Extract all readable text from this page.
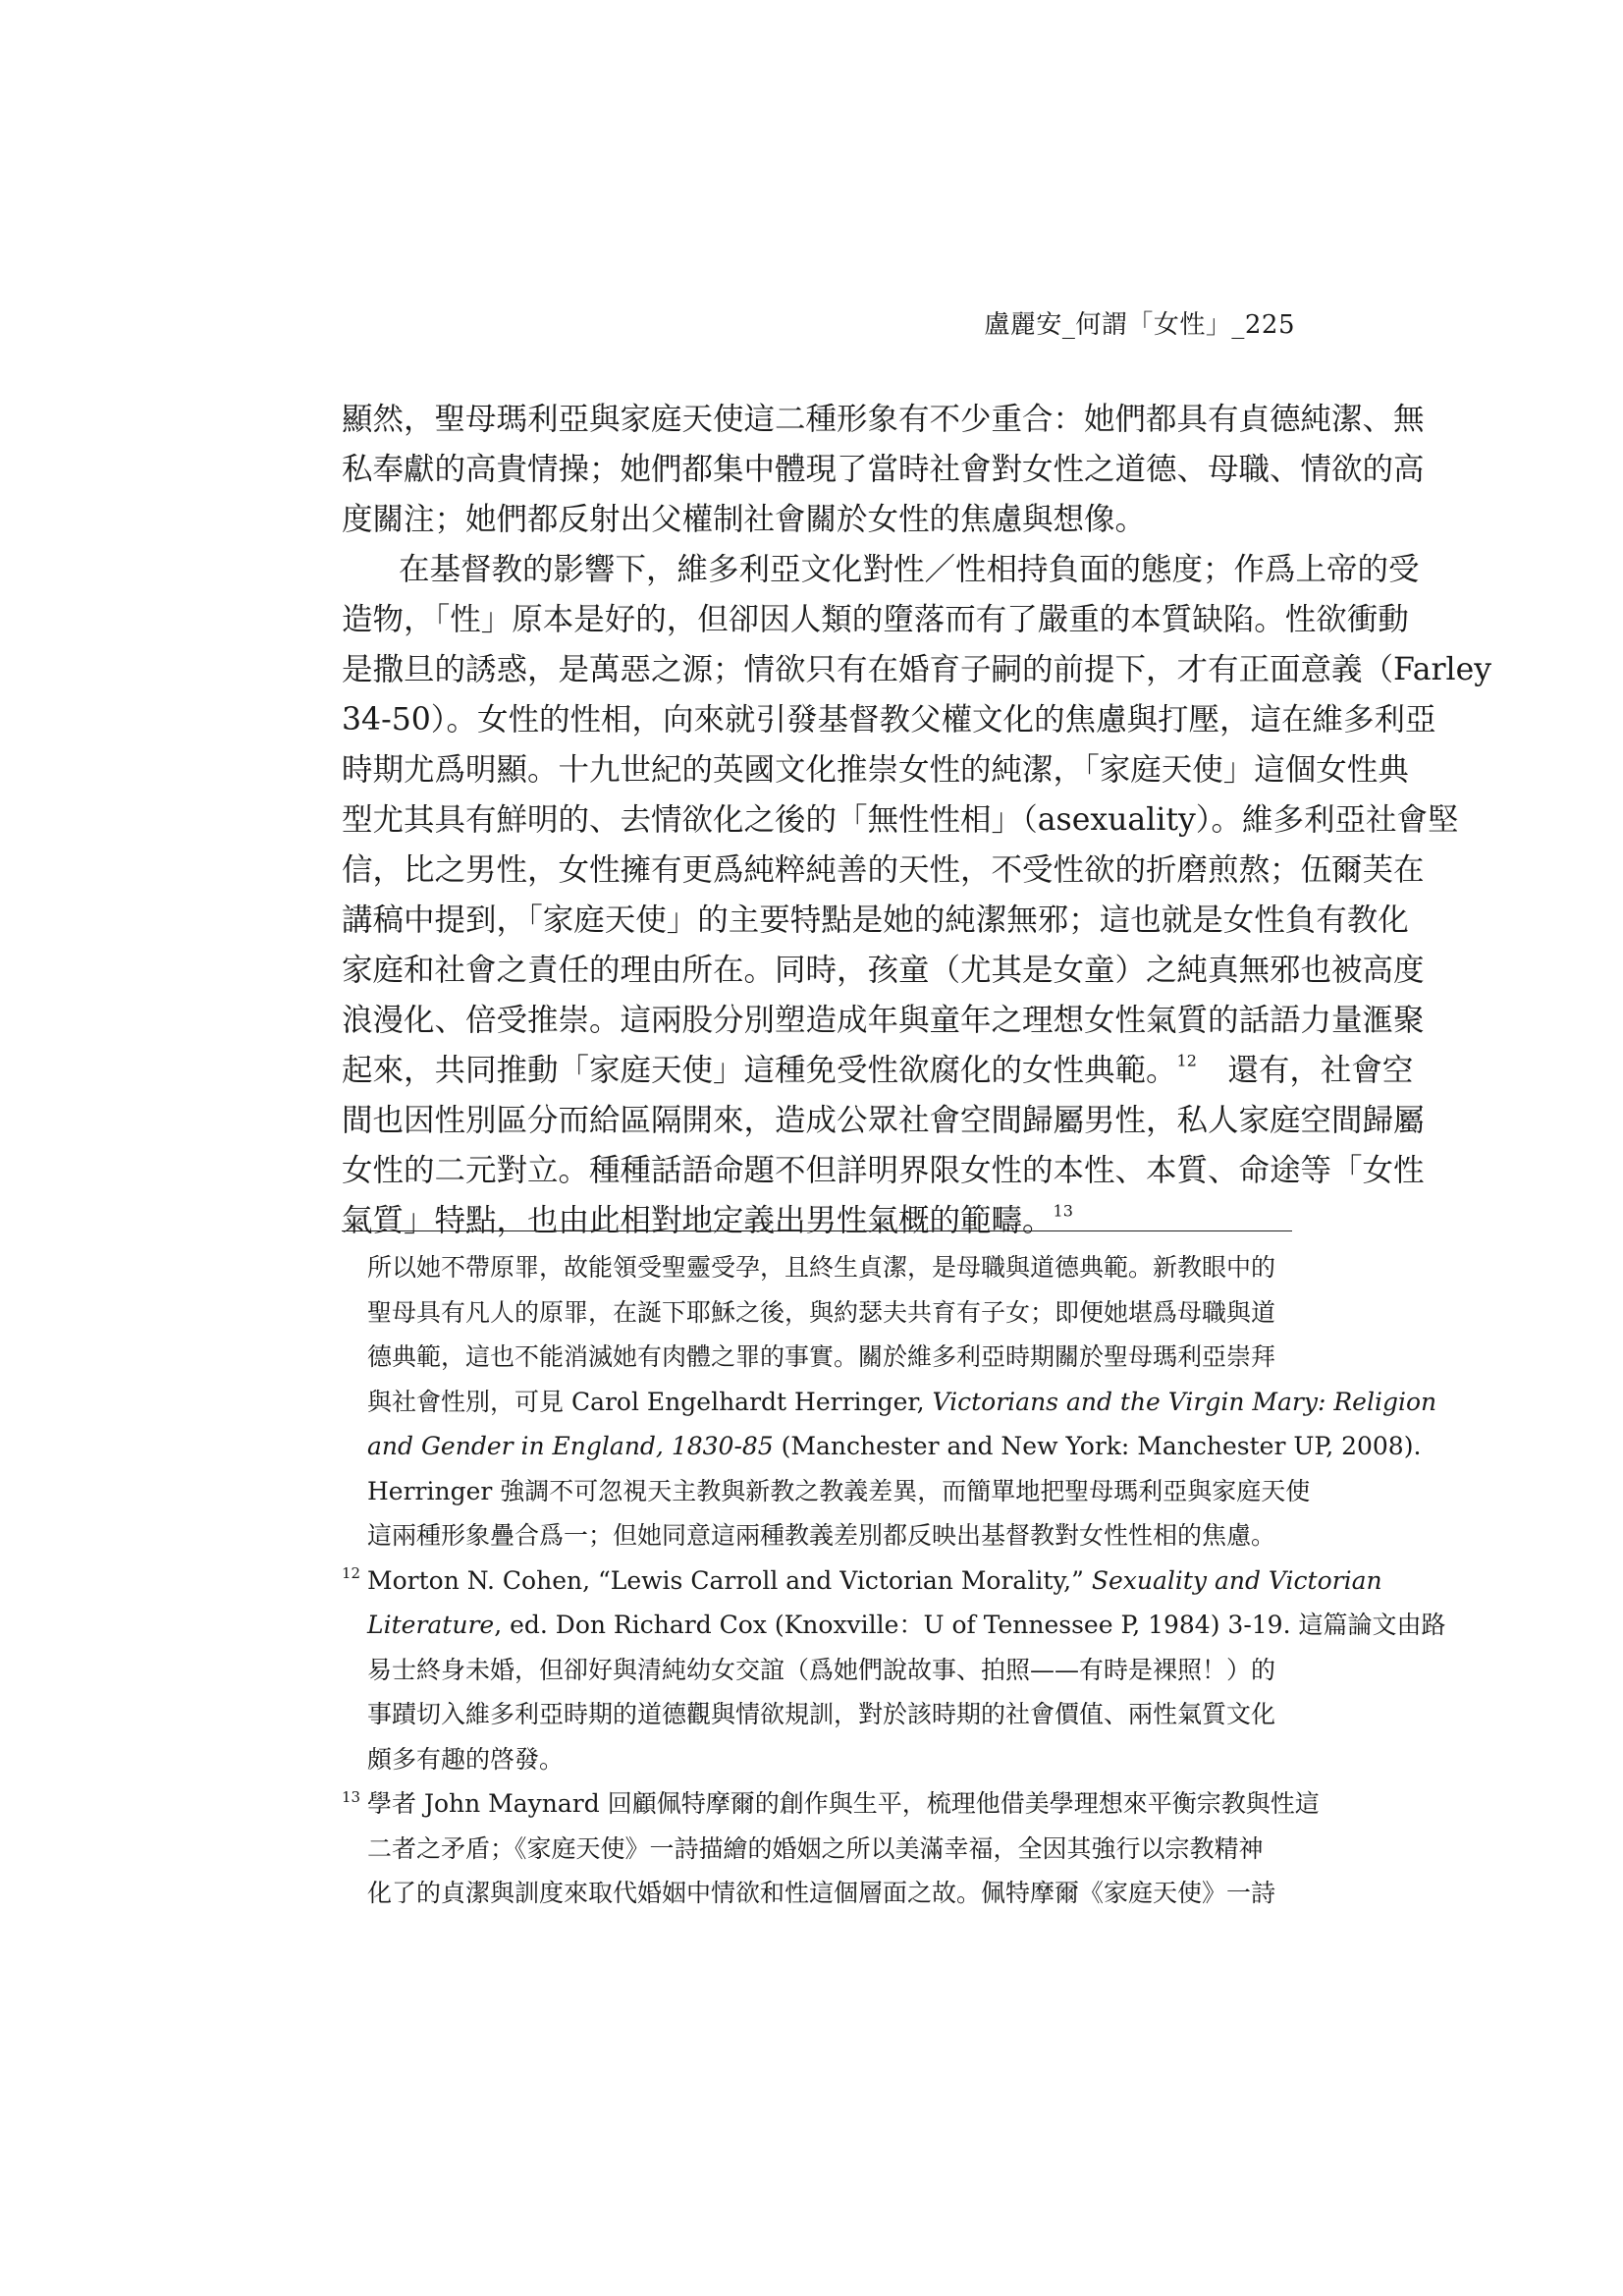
盧麗安_何謂「女性」_225
顯然，聖母瑪利亞與家庭天使這二種形象有不少重合：她們都具有貞德純潔、無
私奉獻的高貴情操；她們都集中體現了當時社會對女性之道德、母職、情欲的高
度關注；她們都反射出父權制社會關於女性的焦慮與想像。
在基督教的影響下，維多利亞文化對性／性相持負面的態度；作爲上帝的受
造物，「性」原本是好的，但卻因人類的墮落而有了嚴重的本質缺陷。性欲衝動
是撒旦的誘惑，是萬惡之源；情欲只有在婚育子嗣的前提下，才有正面意義（Farley
34-50）。女性的性相，向來就引發基督教父權文化的焦慮與打壓，這在維多利亞
時期尤爲明顯。十九世紀的英國文化推崇女性的純潔，「家庭天使」這個女性典
型尤其具有鮮明的、去情欲化之後的「無性性相」（asexuality）。維多利亞社會堅
信，比之男性，女性擁有更爲純粹純善的天性，不受性欲的折磨煎熬；伍爾芙在
講稿中提到，「家庭天使」的主要特點是她的純潔無邪；這也就是女性負有教化
家庭和社會之責任的理由所在。同時，孩童（尤其是女童）之純真無邪也被高度
浪漫化、倍受推崇。這兩股分別塑造成年與童年之理想女性氣質的話語力量滙聚
起來，共同推動「家庭天使」這種免受性欲腐化的女性典範。$^{12}$　還有，社會空
間也因性別區分而給區隔開來，造成公眾社會空間歸屬男性，私人家庭空間歸屬
女性的二元對立。種種話語命題不但詳明界限女性的本性、本質、命途等「女性
氣質」特點，也由此相對地定義出男性氣概的範疇。$^{13}$
所以她不帶原罪，故能領受聖靈受孕，且終生貞潔，是母職與道德典範。新教眼中的
聖母具有凡人的原罪，在誕下耶穌之後，與約瑟夫共育有子女；即便她堪爲母職與道
德典範，這也不能消滅她有肉體之罪的事實。關於維多利亞時期關於聖母瑪利亞崇拜
與社會性別，可見 Carol Engelhardt Herringer, Victorians and the Virgin Mary: Religion
and Gender in England, 1830-85 (Manchester and New York: Manchester UP, 2008).
Herringer 強調不可忽視天主教與新教之教義差異，而簡單地把聖母瑪利亞與家庭天使
這兩種形象疊合爲一；但她同意這兩種教義差別都反映出基督教對女性性相的焦慮。
12 Morton N. Cohen, “Lewis Carroll and Victorian Morality,” Sexuality and Victorian
Literature, ed. Don Richard Cox (Knoxville：U of Tennessee P, 1984) 3-19. 這篇論文由路
易士終身未婚，但卻好與清純幼女交誼（爲她們說故事、拍照——有時是裸照！）的
事蹟切入維多利亞時期的道德觀與情欲規訓，對於該時期的社會價值、兩性氣質文化
頗多有趣的啓發。
13 學者 John Maynard 回顧佩特摩爾的創作與生平，梳理他借美學理想來平衡宗教與性這
二者之矛盾；《家庭天使》一詩描繪的婚姻之所以美滿幸福，全因其強行以宗教精神
化了的貞潔與訓度來取代婚姻中情欲和性這個層面之故。佩特摩爾《家庭天使》一詩
